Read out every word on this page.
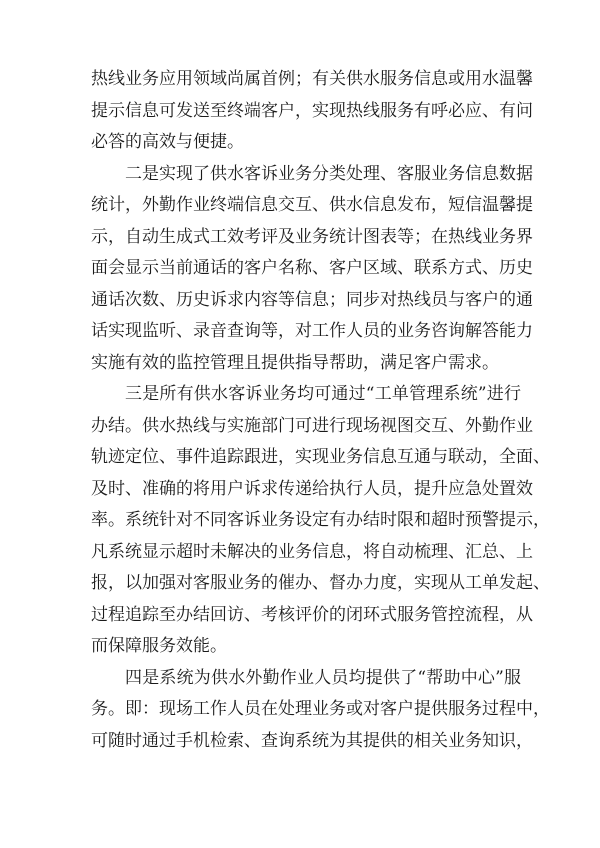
热线业务应用领域尚属首例；有关供水服务信息或用水温馨
提示信息可发送至终端客户，实现热线服务有呼必应、有问
必答的高效与便捷。
二是实现了供水客诉业务分类处理、客服业务信息数据
统计，外勤作业终端信息交互、供水信息发布，短信温馨提
示，自动生成式工效考评及业务统计图表等；在热线业务界
面会显示当前通话的客户名称、客户区域、联系方式、历史
通话次数、历史诉求内容等信息；同步对热线员与客户的通
话实现监听、录音查询等，对工作人员的业务咨询解答能力
实施有效的监控管理且提供指导帮助，满足客户需求。
三是所有供水客诉业务均可通过“工单管理系统”进行
办结。供水热线与实施部门可进行现场视图交互、外勤作业
轨迹定位、事件追踪跟进，实现业务信息互通与联动，全面、
及时、准确的将用户诉求传递给执行人员，提升应急处置效
率。系统针对不同客诉业务设定有办结时限和超时预警提示，
凡系统显示超时未解决的业务信息，将自动梳理、汇总、上
报，以加强对客服业务的催办、督办力度，实现从工单发起、
过程追踪至办结回访、考核评价的闭环式服务管控流程，从
而保障服务效能。
四是系统为供水外勤作业人员均提供了“帮助中心”服
务。即：现场工作人员在处理业务或对客户提供服务过程中，
可随时通过手机检索、查询系统为其提供的相关业务知识，
